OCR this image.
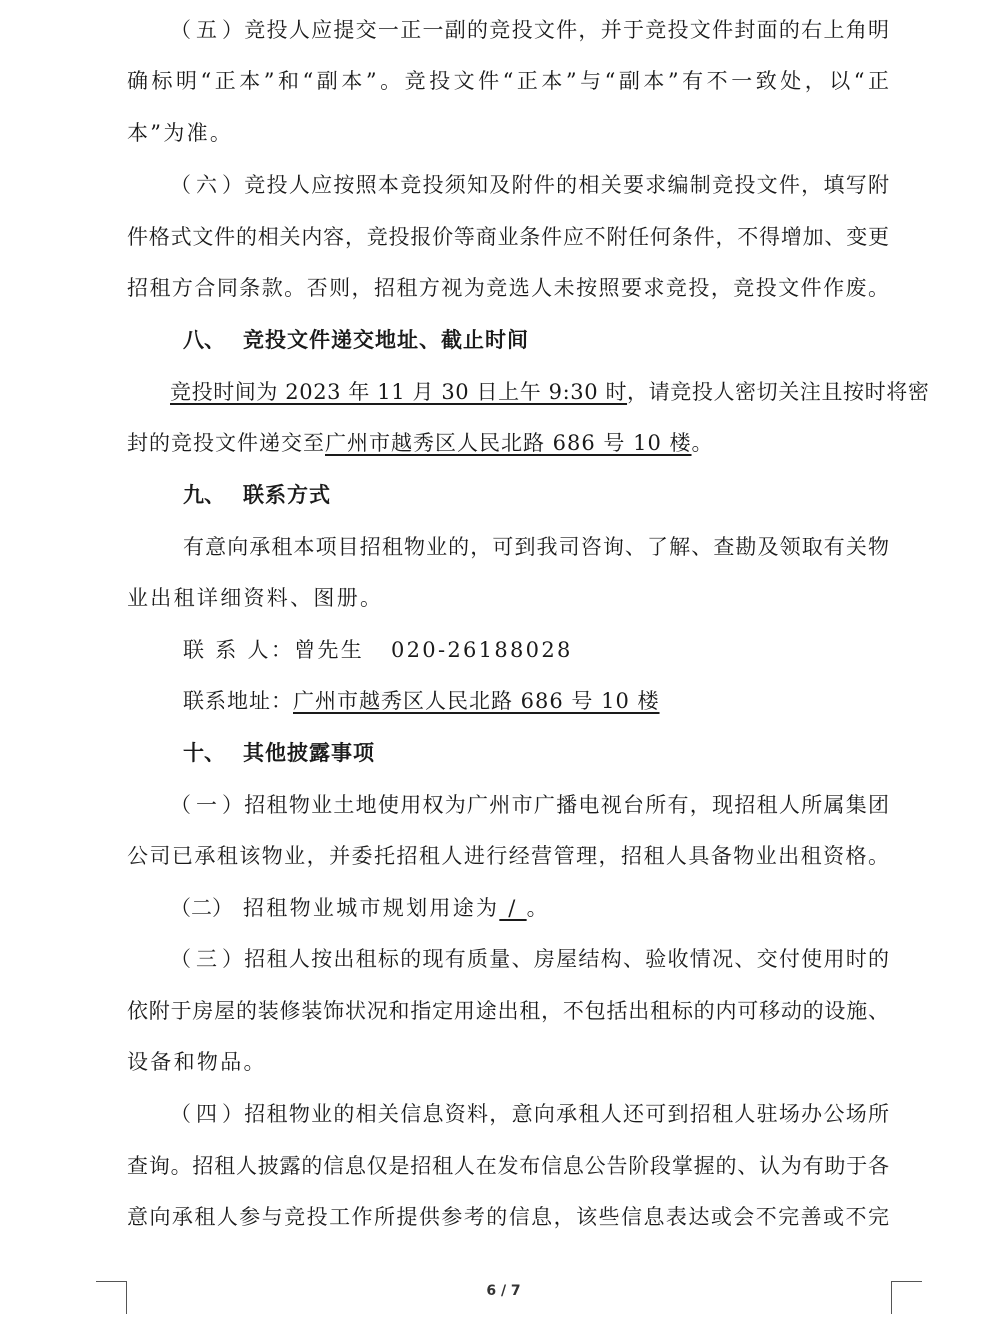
（五）竞投人应提交一正一副的竞投文件，并于竞投文件封面的右上角明
确标明“正本”和“副本”。竞投文件“正本”与“副本”有不一致处，以“正
本”为准。
（六）竞投人应按照本竞投须知及附件的相关要求编制竞投文件，填写附
件格式文件的相关内容，竞投报价等商业条件应不附任何条件，不得增加、变更
招租方合同条款。否则，招租方视为竞选人未按照要求竞投，竞投文件作废。
八、 竞投文件递交地址、截止时间
竞投时间为 2023 年 11 月 30 日上午 9:30 时，请竞投人密切关注且按时将密
封的竞投文件递交至广州市越秀区人民北路 686 号 10 楼。
九、 联系方式
有意向承租本项目招租物业的，可到我司咨询、了解、查勘及领取有关物
业出租详细资料、图册。
联 系 人：曾先生   020-26188028
联系地址：广州市越秀区人民北路 686 号 10 楼
十、 其他披露事项
（一）招租物业土地使用权为广州市广播电视台所有，现招租人所属集团
公司已承租该物业，并委托招租人进行经营管理，招租人具备物业出租资格。
（二） 招租物业城市规划用途为 / 。
（三）招租人按出租标的现有质量、房屋结构、验收情况、交付使用时的
依附于房屋的装修装饰状况和指定用途出租，不包括出租标的内可移动的设施、
设备和物品。
（四）招租物业的相关信息资料，意向承租人还可到招租人驻场办公场所
查询。招租人披露的信息仅是招租人在发布信息公告阶段掌握的、认为有助于各
意向承租人参与竞投工作所提供参考的信息，该些信息表达或会不完善或不完
6 / 7
